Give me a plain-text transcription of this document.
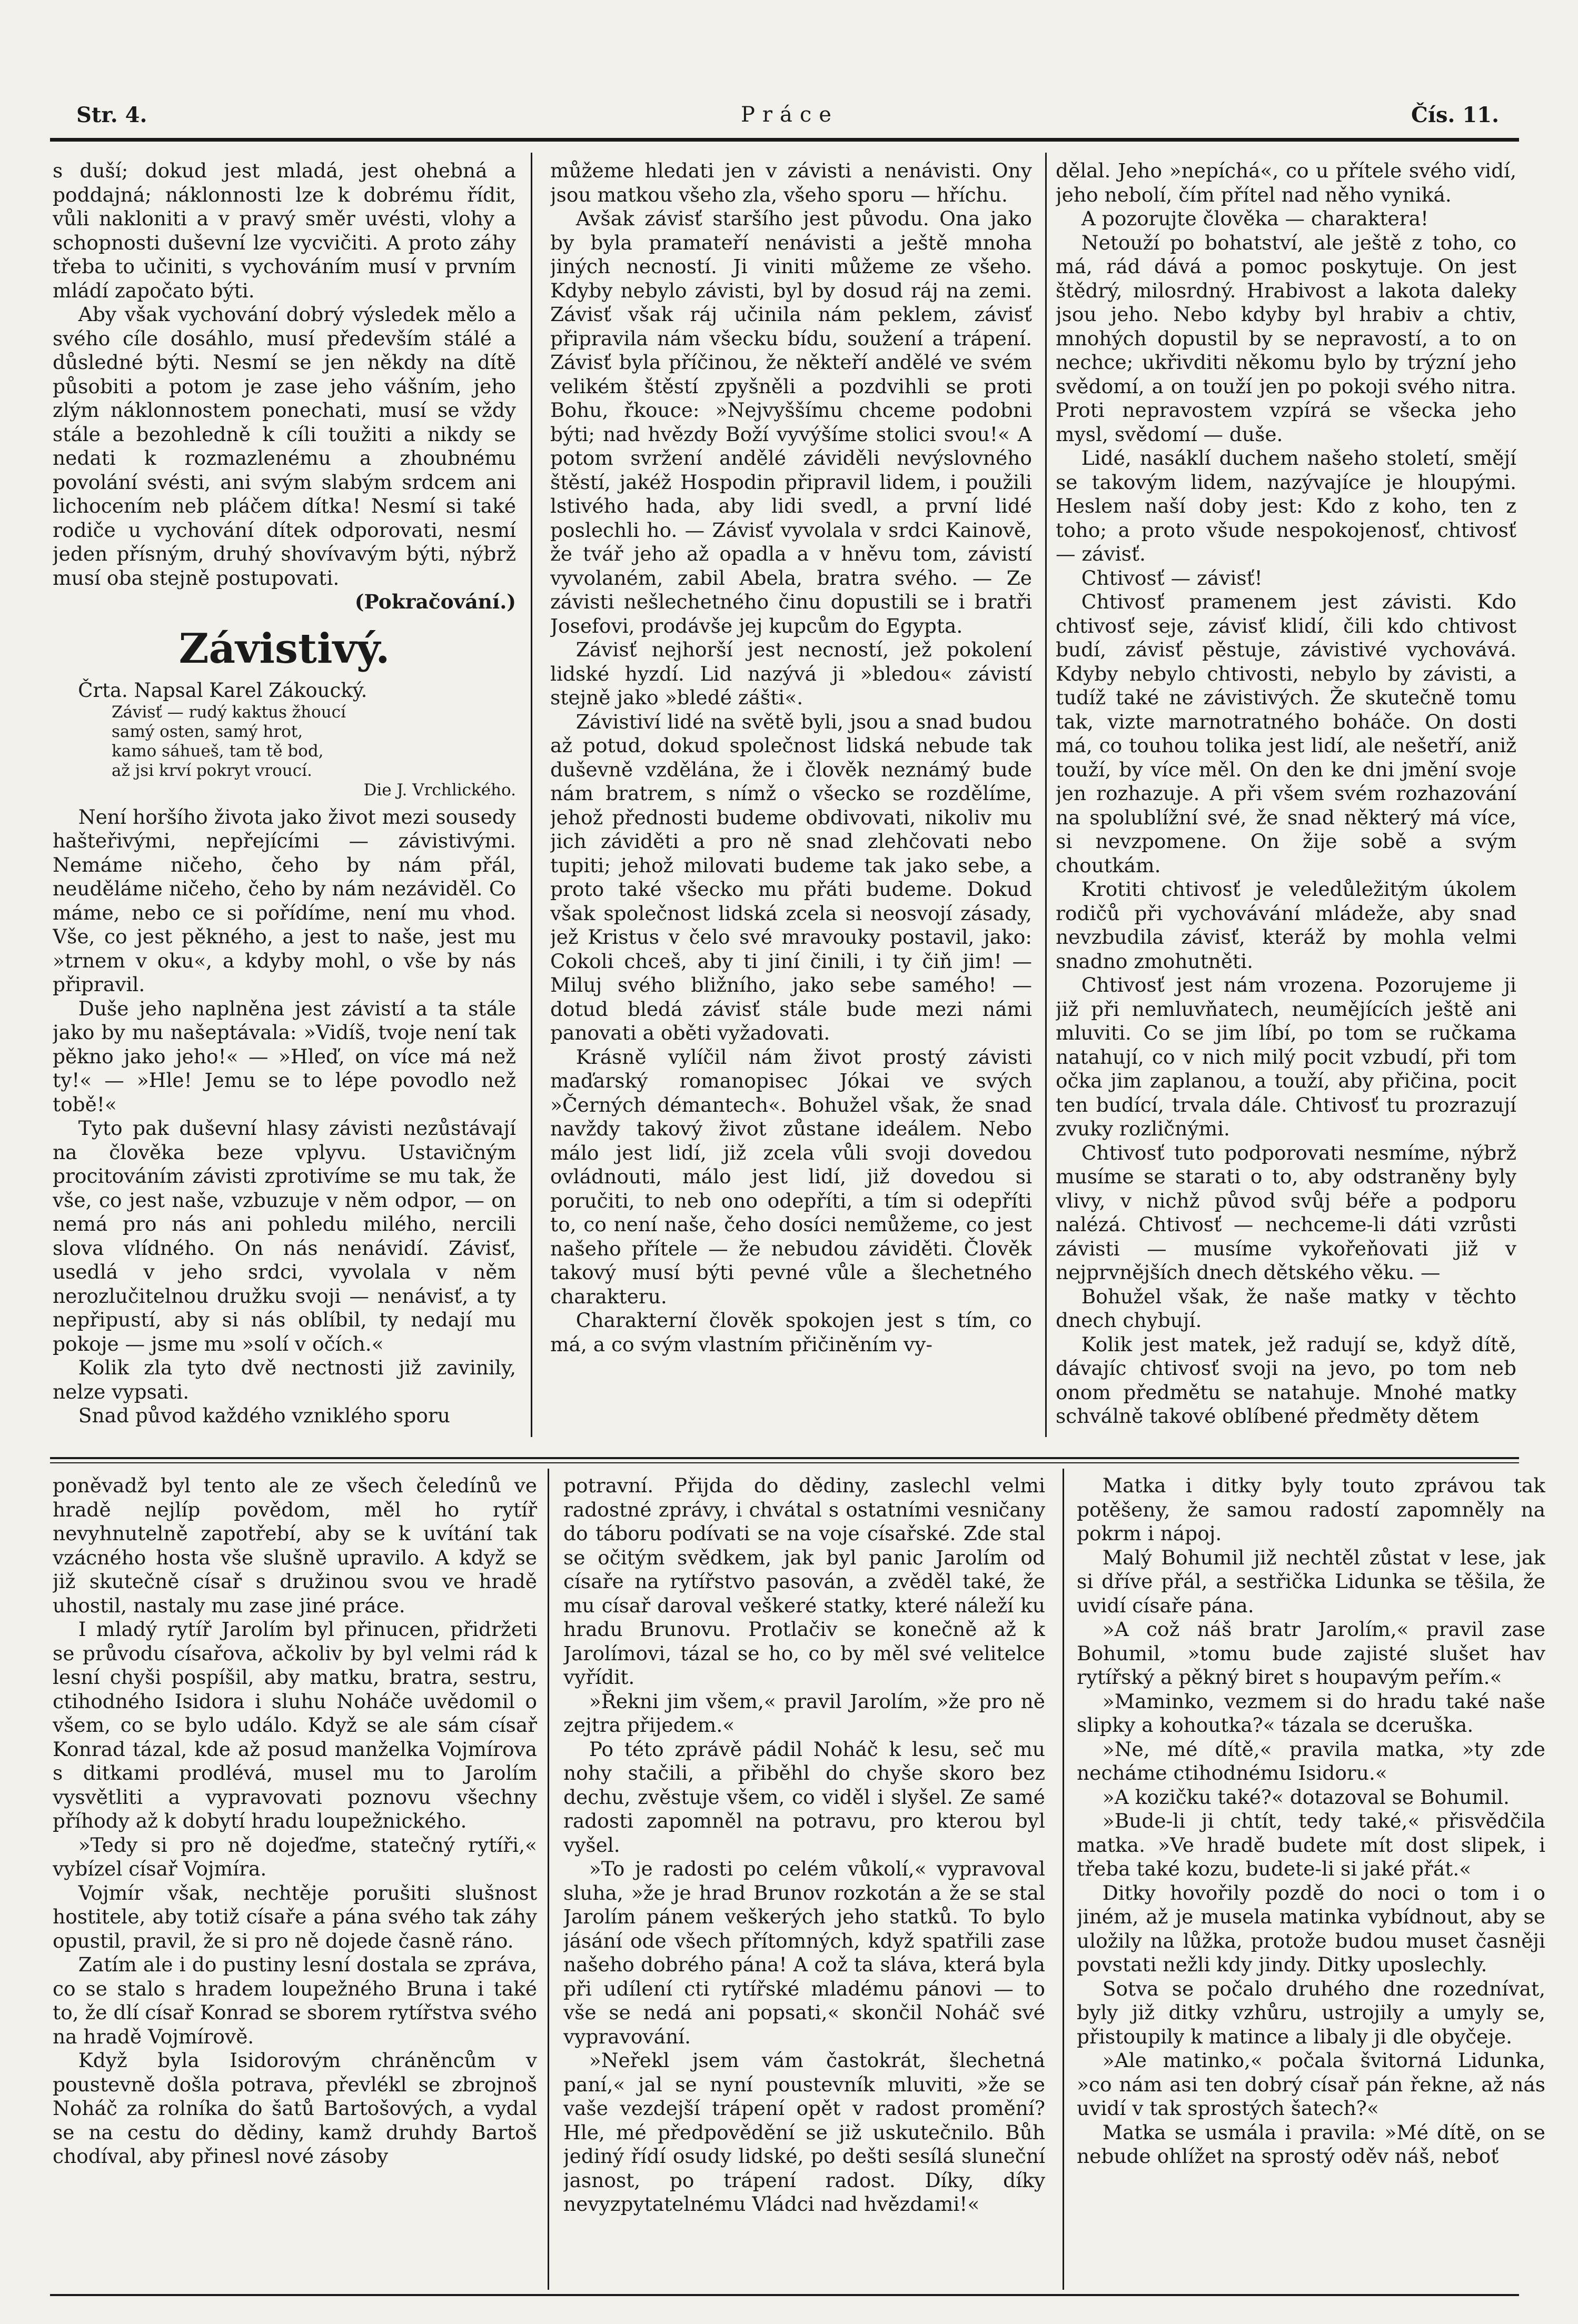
Str. 4.	Práce	Čís. 11.

s duší; dokud jest mladá, jest ohebná a poddajná; náklonnosti lze k dobrému řídit, vůli nakloniti a v pravý směr uvésti, vlohy a schopnosti duševní lze vycvičiti. A proto záhy třeba to učiniti, s vychováním musí v prvním mládí započato býti.

Aby však vychování dobrý výsledek mělo a svého cíle dosáhlo, musí především stálé a důsledné býti. Nesmí se jen někdy na dítě působiti a potom je zase jeho vášním, jeho zlým náklonnostem ponechati, musí se vždy stále a bezohledně k cíli toužiti a nikdy se nedati k rozmazlenému a zhoubnému povolání svésti, ani svým slabým srdcem ani lichocením neb pláčem dítka! Nesmí si také rodiče u vychování dítek odporovati, nesmí jeden přísným, druhý shovívavým býti, nýbrž musí oba stejně postupovati.

(Pokračování.)

Závistivý.

Črta. Napsal Karel Zákoucký.

Závisť — rudý kaktus žhoucí
samý osten, samý hrot,
kamo sáhueš, tam tě bod,
až jsi krví pokryt vroucí.
Die J. Vrchlického.

Není horšího života jako život mezi sousedy hašteřivými, nepřejícími — závistivými. Nemáme ničeho, čeho by nám přál, neuděláme ničeho, čeho by nám nezáviděl. Co máme, nebo ce si pořídíme, není mu vhod. Vše, co jest pěkného, a jest to naše, jest mu »trnem v oku«, a kdyby mohl, o vše by nás připravil.

Duše jeho naplněna jest závistí a ta stále jako by mu našeptávala: »Vidíš, tvoje není tak pěkno jako jeho!« — »Hleď, on více má než ty!« — »Hle! Jemu se to lépe povodlo než tobě!«

Tyto pak duševní hlasy závisti nezůstávají na člověka beze vplyvu. Ustavičným procitováním závisti zprotivíme se mu tak, že vše, co jest naše, vzbuzuje v něm odpor, — on nemá pro nás ani pohledu milého, nercili slova vlídného. On nás nenávidí. Závisť, usedlá v jeho srdci, vyvolala v něm nerozlučitelnou družku svoji — nenávisť, a ty nepřipustí, aby si nás oblíbil, ty nedají mu pokoje — jsme mu »solí v očích.«

Kolik zla tyto dvě nectnosti již zavinily, nelze vypsati.

Snad původ každého vzniklého sporu

můžeme hledati jen v závisti a nenávisti. Ony jsou matkou všeho zla, všeho sporu — hříchu.

Avšak závisť staršího jest původu. Ona jako by byla pramateří nenávisti a ještě mnoha jiných necností. Ji viniti můžeme ze všeho. Kdyby nebylo závisti, byl by dosud ráj na zemi. Závisť však ráj učinila nám peklem, závisť připravila nám všecku bídu, soužení a trápení. Závisť byla příčinou, že někteří andělé ve svém velikém štěstí zpyšněli a pozdvihli se proti Bohu, řkouce: »Nejvyššímu chceme podobni býti; nad hvězdy Boží vyvýšíme stolici svou!« A potom svržení andělé záviděli nevýslovného štěstí, jakéž Hospodin připravil lidem, i použili lstivého hada, aby lidi svedl, a první lidé poslechli ho. — Závisť vyvolala v srdci Kainově, že tvář jeho až opadla a v hněvu tom, závistí vyvolaném, zabil Abela, bratra svého. — Ze závisti nešlechetného činu dopustili se i bratři Josefovi, prodávše jej kupcům do Egypta.

Závisť nejhorší jest necností, jež pokolení lidské hyzdí. Lid nazývá ji »bledou« závistí stejně jako »bledé zášti«.

Závistiví lidé na světě byli, jsou a snad budou až potud, dokud společnost lidská nebude tak duševně vzdělána, že i člověk neznámý bude nám bratrem, s nímž o všecko se rozdělíme, jehož přednosti budeme obdivovati, nikoliv mu jich záviděti a pro ně snad zlehčovati nebo tupiti; jehož milovati budeme tak jako sebe, a proto také všecko mu přáti budeme. Dokud však společnost lidská zcela si neosvojí zásady, jež Kristus v čelo své mravouky postavil, jako: Cokoli chceš, aby ti jiní činili, i ty čiň jim! — Miluj svého bližního, jako sebe samého! — dotud bledá závisť stále bude mezi námi panovati a oběti vyžadovati.

Krásně vylíčil nám život prostý závisti maďarský romanopisec Jókai ve svých »Černých démantech«. Bohužel však, že snad navždy takový život zůstane ideálem. Nebo málo jest lidí, již zcela vůli svoji dovedou ovládnouti, málo jest lidí, již dovedou si poručiti, to neb ono odepříti, a tím si odepříti to, co není naše, čeho dosíci nemůžeme, co jest našeho přítele — že nebudou záviděti. Člověk takový musí býti pevné vůle a šlechetného charakteru.

Charakterní člověk spokojen jest s tím, co má, a co svým vlastním přičiněním vy-

dělal. Jeho »nepíchá«, co u přítele svého vidí, jeho nebolí, čím přítel nad něho vyniká.

A pozorujte člověka — charaktera!

Netouží po bohatství, ale ještě z toho, co má, rád dává a pomoc poskytuje. On jest štědrý, milosrdný. Hrabivost a lakota daleky jsou jeho. Nebo kdyby byl hrabiv a chtiv, mnohých dopustil by se nepravostí, a to on nechce; ukřivditi někomu bylo by trýzní jeho svědomí, a on touží jen po pokoji svého nitra. Proti nepravostem vzpírá se všecka jeho mysl, svědomí — duše.

Lidé, nasáklí duchem našeho století, smějí se takovým lidem, nazývajíce je hloupými. Heslem naší doby jest: Kdo z koho, ten z toho; a proto všude nespokojenosť, chtivosť — závisť.

Chtivosť — závisť!

Chtivosť pramenem jest závisti. Kdo chtivosť seje, závisť klidí, čili kdo chtivost budí, závisť pěstuje, závistivé vychovává. Kdyby nebylo chtivosti, nebylo by závisti, a tudíž také ne závistivých. Že skutečně tomu tak, vizte marnotratného boháče. On dosti má, co touhou tolika jest lidí, ale nešetří, aniž touží, by více měl. On den ke dni jmění svoje jen rozhazuje. A při všem svém rozhazování na spolublížní své, že snad některý má více, si nevzpomene. On žije sobě a svým choutkám.

Krotiti chtivosť je veledůležitým úkolem rodičů při vychovávání mládeže, aby snad nevzbudila závisť, kteráž by mohla velmi snadno zmohutněti.

Chtivosť jest nám vrozena. Pozorujeme ji již při nemluvňatech, neumějících ještě ani mluviti. Co se jim líbí, po tom se ručkama natahují, co v nich milý pocit vzbudí, při tom očka jim zaplanou, a touží, aby přičina, pocit ten budící, trvala dále. Chtivosť tu prozrazují zvuky rozličnými.

Chtivosť tuto podporovati nesmíme, nýbrž musíme se starati o to, aby odstraněny byly vlivy, v nichž původ svůj béře a podporu nalézá. Chtivosť — nechceme-li dáti vzrůsti závisti — musíme vykořeňovati již v nejprvnějších dnech dětského věku. —

Bohužel však, že naše matky v těchto dnech chybují.

Kolik jest matek, jež radují se, když dítě, dávajíc chtivosť svoji na jevo, po tom neb onom předmětu se natahuje. Mnohé matky schválně takové oblíbené předměty dětem

poněvadž byl tento ale ze všech čeledínů ve hradě nejlíp povědom, měl ho rytíř nevyhnutelně zapotřebí, aby se k uvítání tak vzácného hosta vše slušně upravilo. A když se již skutečně císař s družinou svou ve hradě uhostil, nastaly mu zase jiné práce.

I mladý rytíř Jarolím byl přinucen, přidržeti se průvodu císařova, ačkoliv by byl velmi rád k lesní chyši pospíšil, aby matku, bratra, sestru, ctihodného Isidora i sluhu Noháče uvědomil o všem, co se bylo událo. Když se ale sám císař Konrad tázal, kde až posud manželka Vojmírova s ditkami prodlévá, musel mu to Jarolím vysvětliti a vypravovati poznovu všechny příhody až k dobytí hradu loupežnického.

»Tedy si pro ně dojeďme, statečný rytíři,« vybízel císař Vojmíra.

Vojmír však, nechtěje porušiti slušnost hostitele, aby totiž císaře a pána svého tak záhy opustil, pravil, že si pro ně dojede časně ráno.

Zatím ale i do pustiny lesní dostala se zpráva, co se stalo s hradem loupežného Bruna i také to, že dlí císař Konrad se sborem rytířstva svého na hradě Vojmírově.

Když byla Isidorovým chráněncům v poustevně došla potrava, převlékl se zbrojnoš Noháč za rolníka do šatů Bartošových, a vydal se na cestu do dědiny, kamž druhdy Bartoš chodíval, aby přinesl nové zásoby

potravní. Přijda do dědiny, zaslechl velmi radostné zprávy, i chvátal s ostatními vesničany do táboru podívati se na voje císařské. Zde stal se očitým svědkem, jak byl panic Jarolím od císaře na rytířstvo pasován, a zvěděl také, že mu císař daroval veškeré statky, které náleží ku hradu Brunovu. Protlačiv se konečně až k Jarolímovi, tázal se ho, co by měl své velitelce vyřídit.

»Řekni jim všem,« pravil Jarolím, »že pro ně zejtra přijedem.«

Po této zprávě pádil Noháč k lesu, seč mu nohy stačili, a přiběhl do chyše skoro bez dechu, zvěstuje všem, co viděl i slyšel. Ze samé radosti zapomněl na potravu, pro kterou byl vyšel.

»To je radosti po celém vůkolí,« vypravoval sluha, »že je hrad Brunov rozkotán a že se stal Jarolím pánem veškerých jeho statků. To bylo jásání ode všech přítomných, když spatřili zase našeho dobrého pána! A což ta sláva, která byla při udílení cti rytířské mladému pánovi — to vše se nedá ani popsati,« skončil Noháč své vypravování.

»Neřekl jsem vám častokrát, šlechetná paní,« jal se nyní poustevník mluviti, »že se vaše vezdejší trápení opět v radost promění? Hle, mé předpovědění se již uskutečnilo. Bůh jediný řídí osudy lidské, po dešti sesílá sluneční jasnost, po trápení radost. Díky, díky nevyzpytatelnému Vládci nad hvězdami!«

Matka i ditky byly touto zprávou tak potěšeny, že samou radostí zapomněly na pokrm i nápoj.

Malý Bohumil již nechtěl zůstat v lese, jak si dříve přál, a sestřička Lidunka se těšila, že uvidí císaře pána.

»A což náš bratr Jarolím,« pravil zase Bohumil, »tomu bude zajisté slušet hav rytířský a pěkný biret s houpavým peřím.«

»Maminko, vezmem si do hradu také naše slipky a kohoutka?« tázala se dceruška.

»Ne, mé dítě,« pravila matka, »ty zde necháme ctihodnému Isidoru.«

»A kozičku také?« dotazoval se Bohumil.

»Bude-li ji chtít, tedy také,« přisvědčila matka. »Ve hradě budete mít dost slipek, i třeba také kozu, budete-li si jaké přát.«

Ditky hovořily pozdě do noci o tom i o jiném, až je musela matinka vybídnout, aby se uložily na lůžka, protože budou muset časněji povstati nežli kdy jindy. Ditky uposlechly.

Sotva se počalo druhého dne rozednívat, byly již ditky vzhůru, ustrojily a umyly se, přistoupily k matince a libaly ji dle obyčeje.

»Ale matinko,« počala švitorná Lidunka, »co nám asi ten dobrý císař pán řekne, až nás uvidí v tak sprostých šatech?«

Matka se usmála i pravila: »Mé dítě, on se nebude ohlížet na sprostý oděv náš, neboť
